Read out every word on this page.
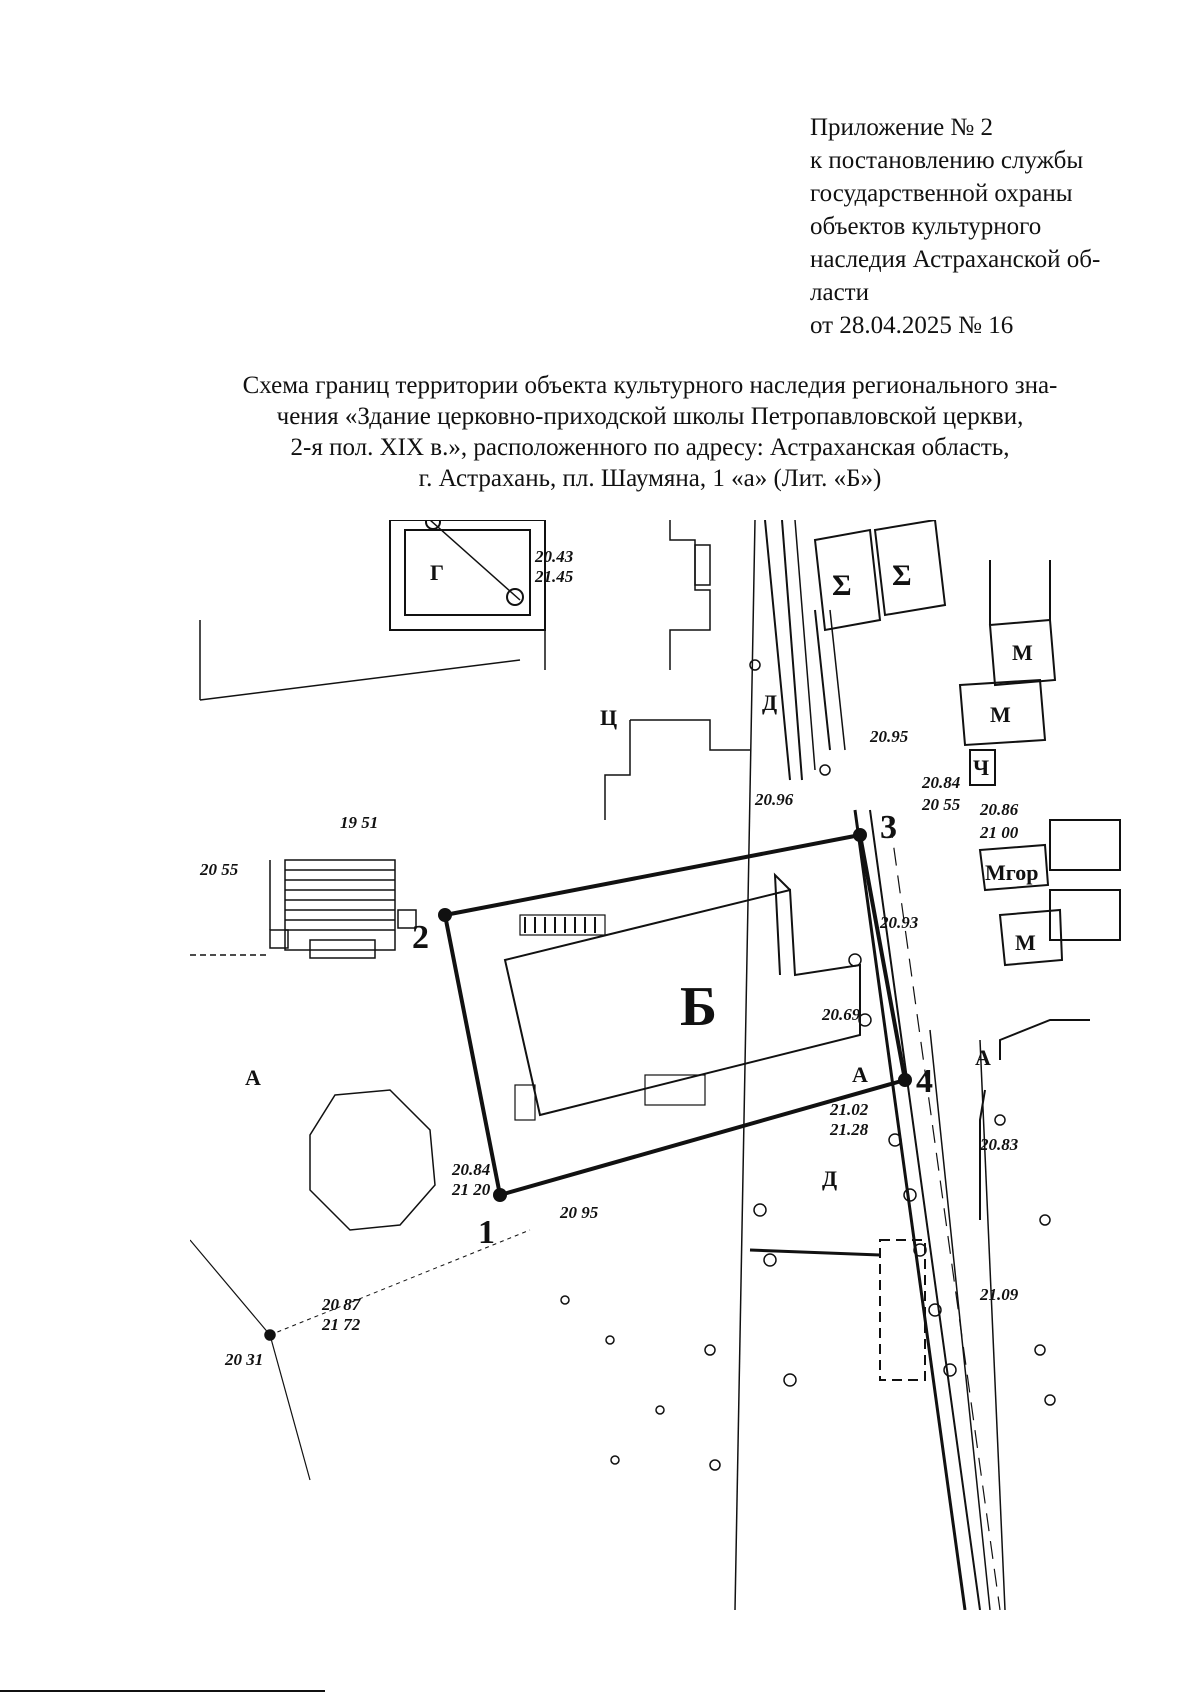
Приложение № 2
к постановлению службы
государственной охраны
объектов культурного
наследия Астраханской об-
ласти
от 28.04.2025 № 16
Схема границ территории объекта культурного наследия регионального зна-
чения «Здание церковно-приходской школы Петропавловской церкви,
2-я пол. XIX в.», расположенного по адресу: Астраханская область,
г. Астрахань, пл. Шаумяна, 1 «а» (Лит. «Б»)
Б
1
2
3
4
Σ Σ
М
М
Ч
Мгор
М
Д
А	А
А
Г
Ц
Д
19 51
20 55
20.95
20.84
20 55 20.86
21 00
20.84
21 20
21.02
21.28
20 95
20 87
21 72
20 31
20.43
21.45
20.93
20.96
21.09
20.83
20.69
